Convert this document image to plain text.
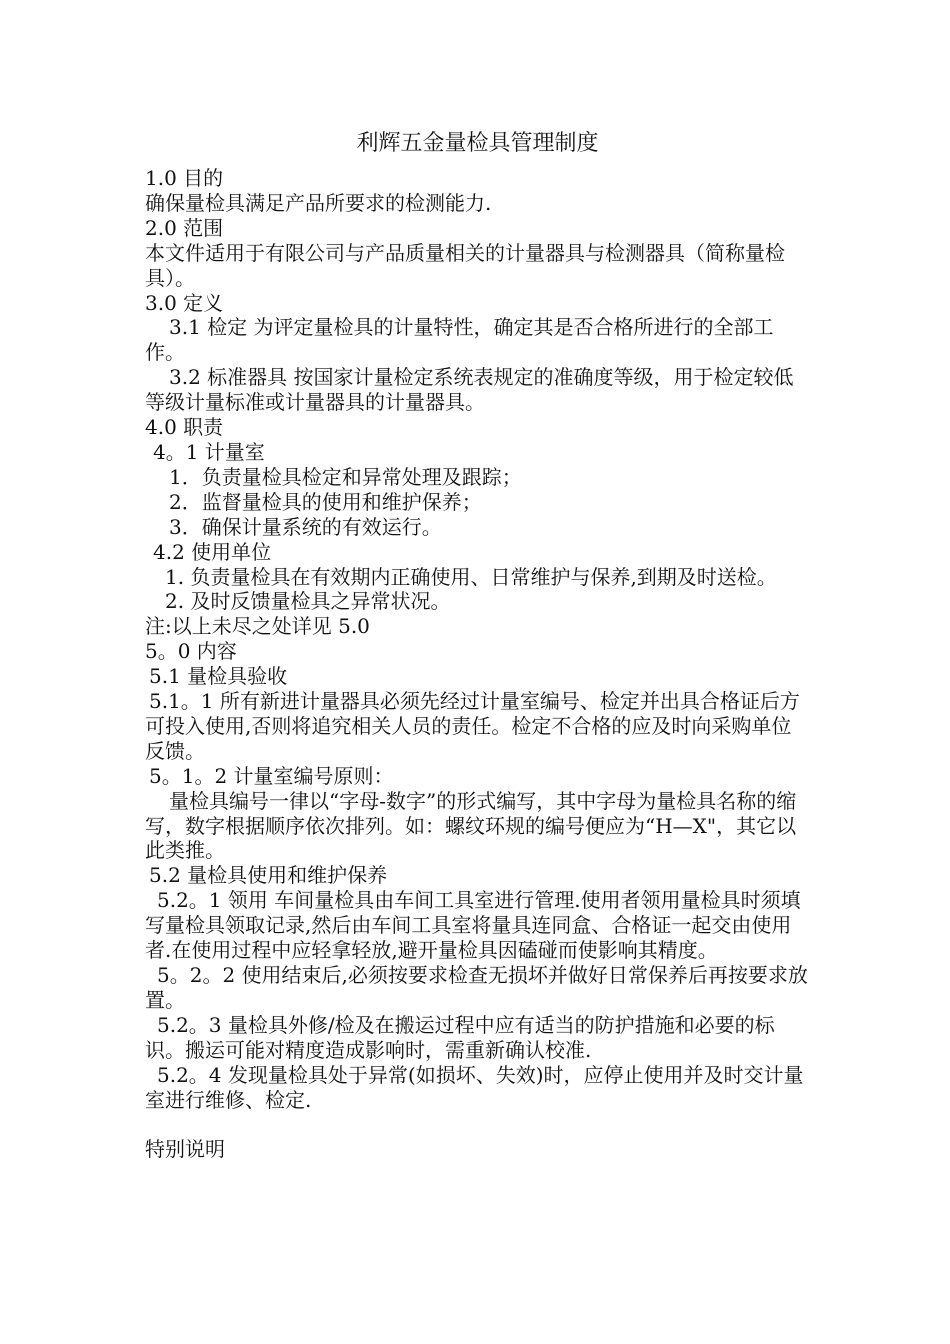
利辉五金量检具管理制度

1.0 目的

确保量检具满足产品所要求的检测能力.

2.0 范围

本文件适用于有限公司与产品质量相关的计量器具与检测器具（简称量检具）。

3.0 定义

3.1 检定 为评定量检具的计量特性，确定其是否合格所进行的全部工作。

3.2 标准器具 按国家计量检定系统表规定的准确度等级，用于检定较低等级计量标准或计量器具的计量器具。

4.0 职责

4。1 计量室

1．负责量检具检定和异常处理及跟踪；

2．监督量检具的使用和维护保养；

3．确保计量系统的有效运行。

4.2 使用单位

1. 负责量检具在有效期内正确使用、日常维护与保养,到期及时送检。

2. 及时反馈量检具之异常状况。

注:以上未尽之处详见 5.0

5。0 内容

5.1 量检具验收

5.1。1 所有新进计量器具必须先经过计量室编号、检定并出具合格证后方可投入使用,否则将追究相关人员的责任。检定不合格的应及时向采购单位反馈。

5。1。2 计量室编号原则：

量检具编号一律以“字母-数字”的形式编写，其中字母为量检具名称的缩写，数字根据顺序依次排列。如：螺纹环规的编号便应为“H—X"，其它以此类推。

5.2 量检具使用和维护保养

5.2。1 领用 车间量检具由车间工具室进行管理.使用者领用量检具时须填写量检具领取记录,然后由车间工具室将量具连同盒、合格证一起交由使用者.在使用过程中应轻拿轻放,避开量检具因磕碰而使影响其精度。

5。2。2 使用结束后,必须按要求检查无损坏并做好日常保养后再按要求放置。

5.2。3 量检具外修/检及在搬运过程中应有适当的防护措施和必要的标识。搬运可能对精度造成影响时，需重新确认校准.

5.2。4 发现量检具处于异常(如损坏、失效)时，应停止使用并及时交计量室进行维修、检定.

特别说明
